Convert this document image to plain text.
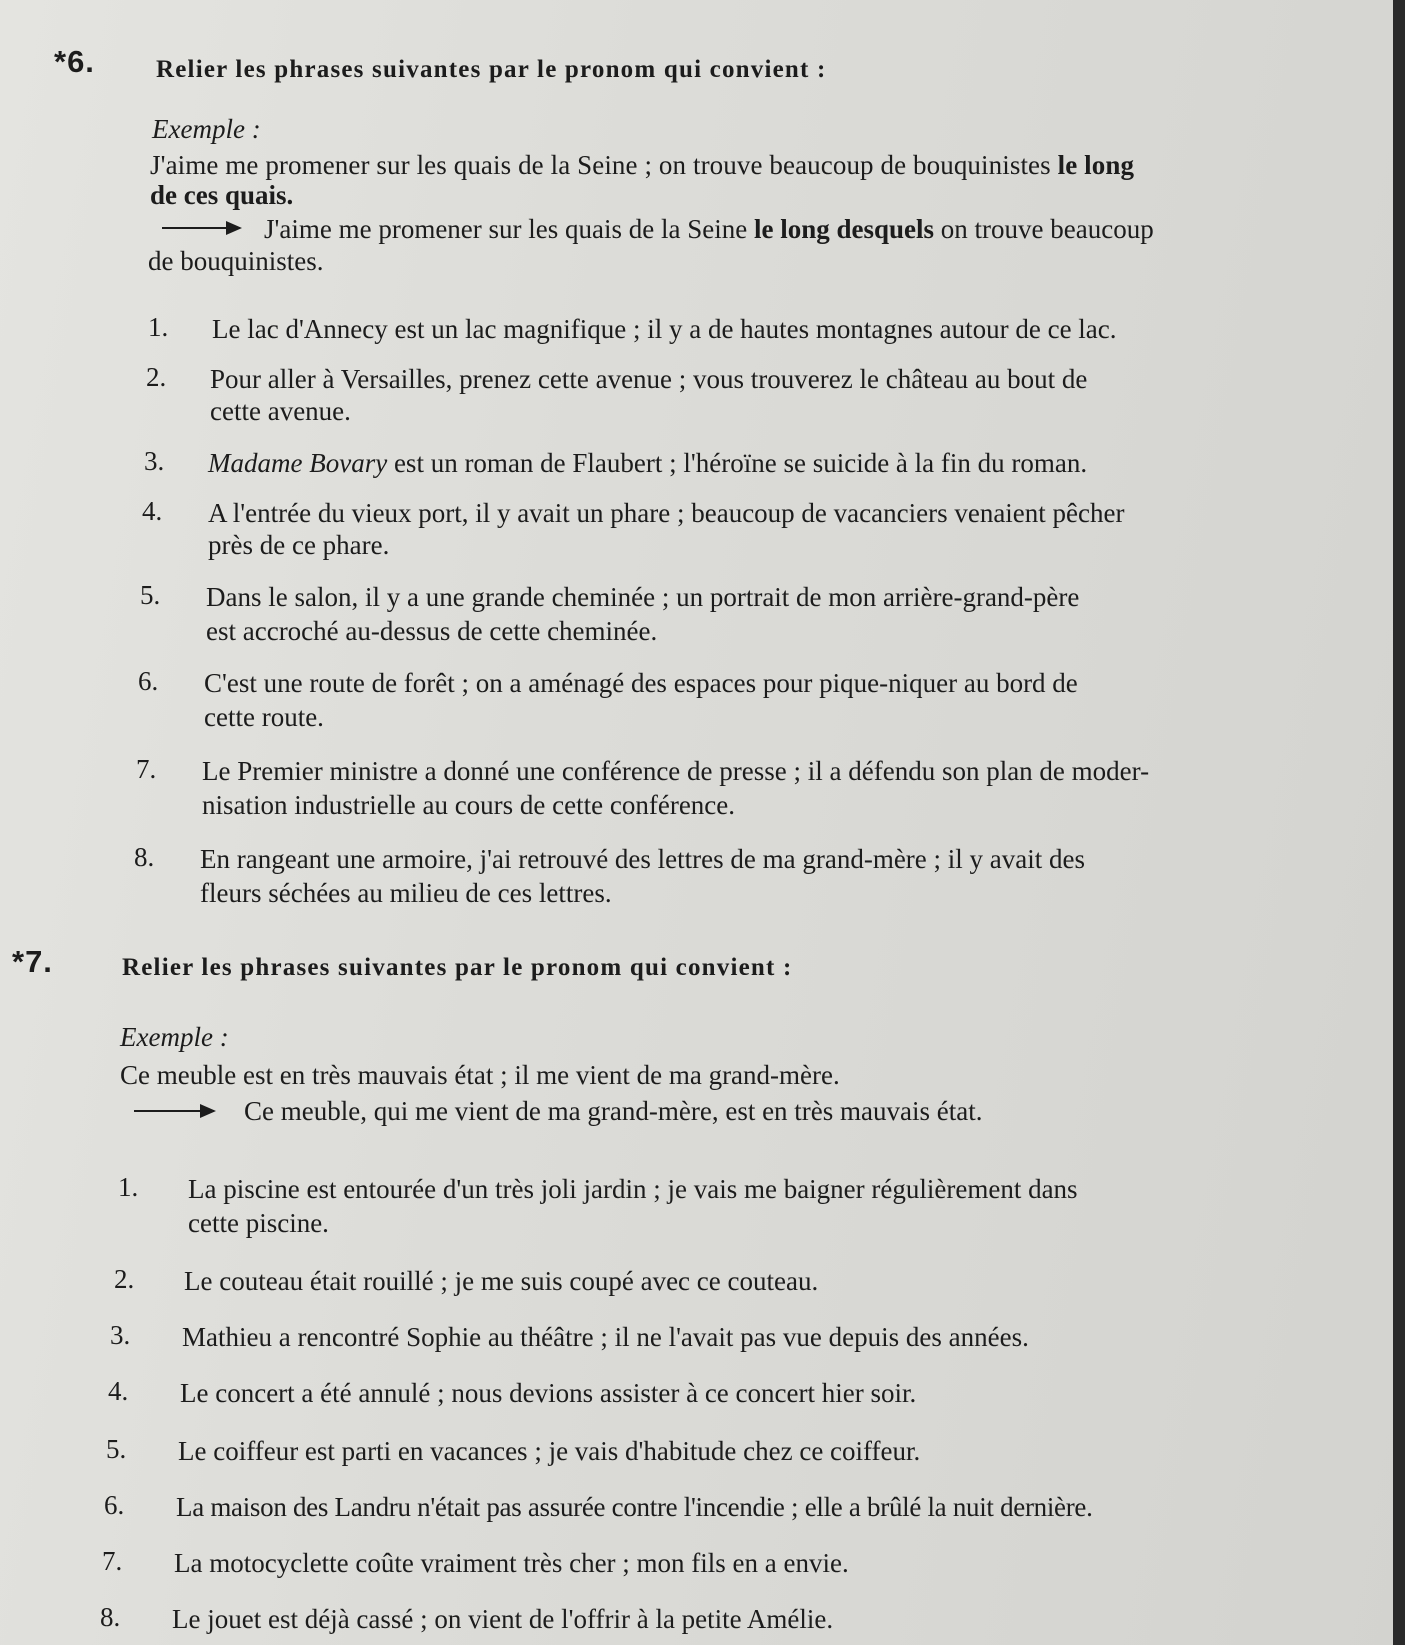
*6. Relier les phrases suivantes par le pronom qui convient :
Exemple :
J'aime me promener sur les quais de la Seine ; on trouve beaucoup de bouquinistes le long
de ces quais.
J'aime me promener sur les quais de la Seine le long desquels on trouve beaucoup
de bouquinistes.
1. Le lac d'Annecy est un lac magnifique ; il y a de hautes montagnes autour de ce lac.
2. Pour aller à Versailles, prenez cette avenue ; vous trouverez le château au bout de
cette avenue.
3. Madame Bovary est un roman de Flaubert ; l'héroïne se suicide à la fin du roman.
4. A l'entrée du vieux port, il y avait un phare ; beaucoup de vacanciers venaient pêcher
près de ce phare.
5. Dans le salon, il y a une grande cheminée ; un portrait de mon arrière-grand-père
est accroché au-dessus de cette cheminée.
6. C'est une route de forêt ; on a aménagé des espaces pour pique-niquer au bord de
cette route.
7. Le Premier ministre a donné une conférence de presse ; il a défendu son plan de moder-
nisation industrielle au cours de cette conférence.
8. En rangeant une armoire, j'ai retrouvé des lettres de ma grand-mère ; il y avait des
fleurs séchées au milieu de ces lettres.
*7.	Relier les phrases suivantes par le pronom qui convient :
Exemple :
Ce meuble est en très mauvais état ; il me vient de ma grand-mère.
Ce meuble, qui me vient de ma grand-mère, est en très mauvais état.
1. La piscine est entourée d'un très joli jardin ; je vais me baigner régulièrement dans
cette piscine.
2. Le couteau était rouillé ; je me suis coupé avec ce couteau.
3. Mathieu a rencontré Sophie au théâtre ; il ne l'avait pas vue depuis des années.
4. Le concert a été annulé ; nous devions assister à ce concert hier soir.
5. Le coiffeur est parti en vacances ; je vais d'habitude chez ce coiffeur.
6. La maison des Landru n'était pas assurée contre l'incendie ; elle a brûlé la nuit dernière.
7. La motocyclette coûte vraiment très cher ; mon fils en a envie.
8. Le jouet est déjà cassé ; on vient de l'offrir à la petite Amélie.
